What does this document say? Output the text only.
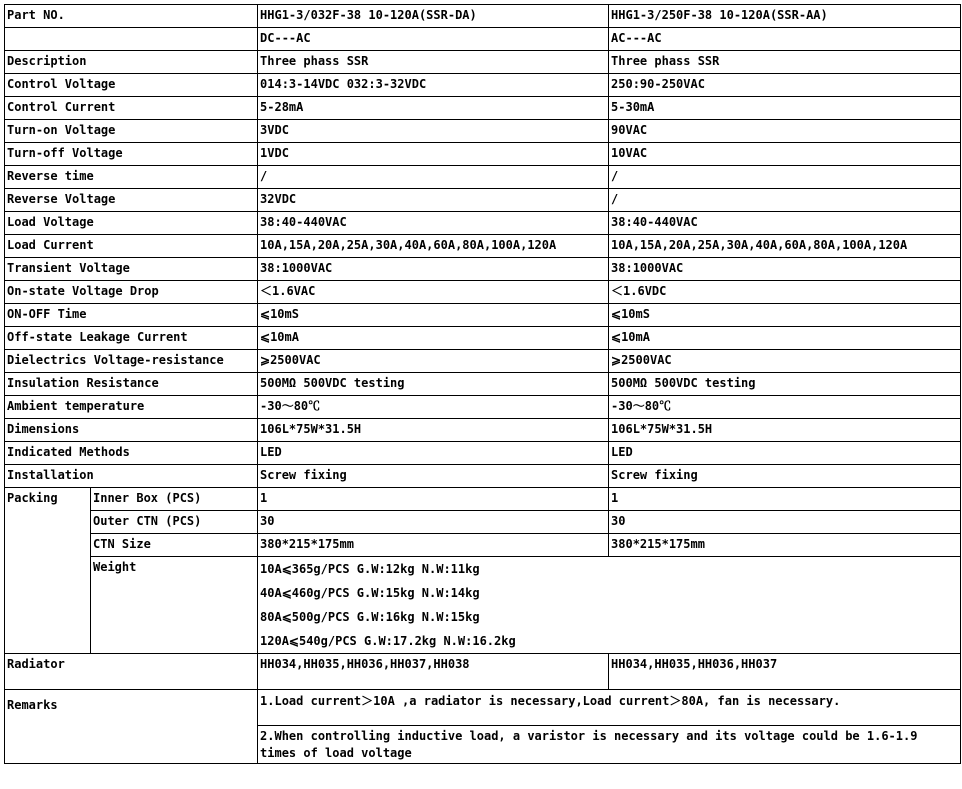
Part NO.		HHG1-3/032F-38 10-120A(SSR-DA)	HHG1-3/250F-38 10-120A(SSR-AA)
		DC---AC	AC---AC
Description		Three phass SSR	Three phass SSR
Control Voltage		014:3-14VDC 032:3-32VDC	250:90-250VAC
Control Current		5-28mA	5-30mA
Turn-on Voltage		3VDC	90VAC
Turn-off Voltage		1VDC	10VAC
Reverse time		/	/
Reverse Voltage		32VDC	/
Load Voltage		38:40-440VAC	38:40-440VAC
Load Current		10A,15A,20A,25A,30A,40A,60A,80A,100A,120A	10A,15A,20A,25A,30A,40A,60A,80A,100A,120A
Transient Voltage		38:1000VAC	38:1000VAC
On-state Voltage Drop		＜1.6VAC	＜1.6VDC
ON-OFF Time		⩽10mS	⩽10mS
Off-state Leakage Current		⩽10mA	⩽10mA
Dielectrics Voltage-resistance		⩾2500VAC	⩾2500VAC
Insulation Resistance		500MΩ 500VDC testing	500MΩ 500VDC testing
Ambient temperature		-30～80℃	-30～80℃
Dimensions		106L*75W*31.5H	106L*75W*31.5H
Indicated Methods		LED	LED
Installation		Screw fixing	Screw fixing
Packing	Inner Box (PCS)	1	1
	Outer CTN (PCS)	30	30
	CTN Size	380*215*175mm	380*215*175mm
	Weight	10A⩽365g/PCS G.W:12kg N.W:11kg
40A⩽460g/PCS G.W:15kg N.W:14kg
80A⩽500g/PCS G.W:16kg N.W:15kg
120A⩽540g/PCS G.W:17.2kg N.W:16.2kg	

Radiator		HH034,HH035,HH036,HH037,HH038	HH034,HH035,HH036,HH037
Remarks		1.Load current＞10A ,a radiator is necessary,Load current＞80A, fan is necessary.	
		2.When controlling inductive load, a varistor is necessary and its voltage could be 1.6-1.9 times of load voltage	
